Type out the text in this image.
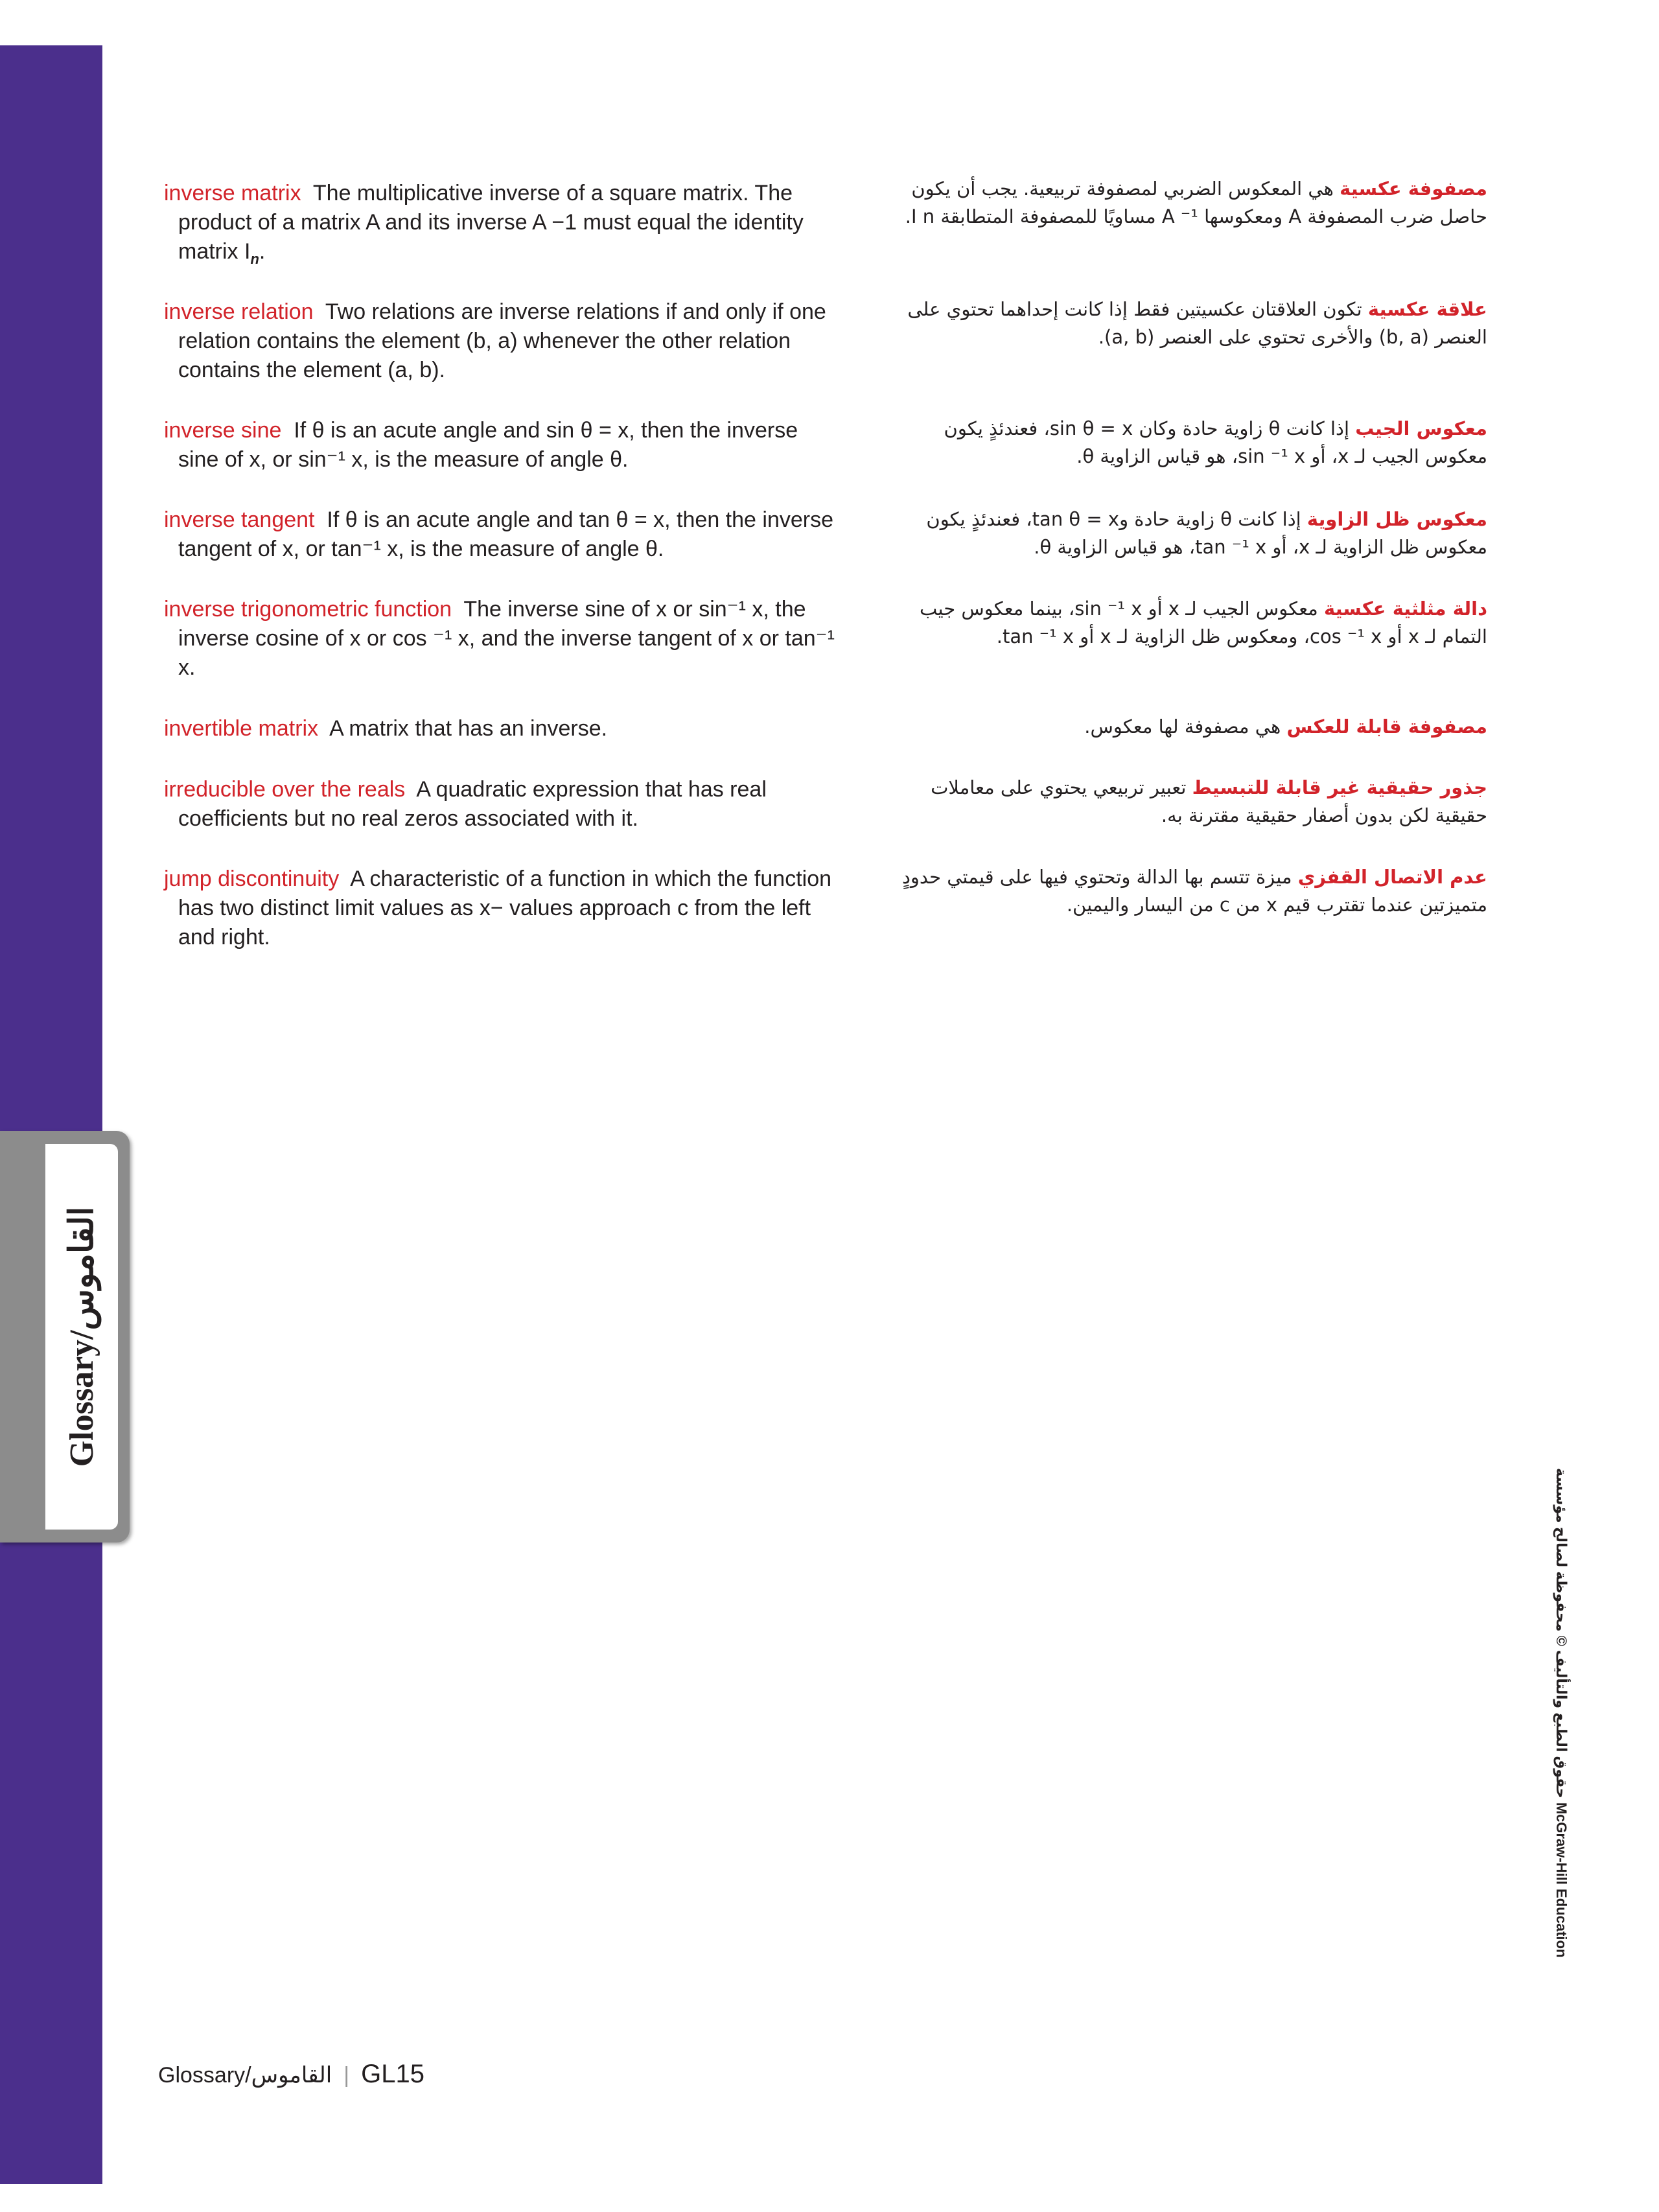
Glossary/القاموس
inverse matrix The multiplicative inverse of a square matrix. The product of a matrix A and its inverse A −1 must equal the identity matrix $I_n$.
inverse relation Two relations are inverse relations if and only if one relation contains the element (b, a) whenever the other relation contains the element (a, b).
inverse sine If θ is an acute angle and sin θ = x, then the inverse sine of x, or sin⁻¹ x, is the measure of angle θ.
inverse tangent If θ is an acute angle and tan θ = x, then the inverse tangent of x, or tan⁻¹ x, is the measure of angle θ.
inverse trigonometric function The inverse sine of x or sin⁻¹ x, the inverse cosine of x or cos ⁻¹ x, and the inverse tangent of x or tan⁻¹ x.
invertible matrix A matrix that has an inverse.
irreducible over the reals A quadratic expression that has real coefficients but no real zeros associated with it.
jump discontinuity A characteristic of a function in which the function has two distinct limit values as x− values approach c from the left and right.
مصفوفة عكسية هي المعكوس الضربي لمصفوفة تربيعية. يجب أن يكون حاصل ضرب المصفوفة A ومعكوسها A ⁻¹ مساويًا للمصفوفة المتطابقة I n.
علاقة عكسية تكون العلاقتان عكسيتين فقط إذا كانت إحداهما تحتوي على العنصر (b, a) والأخرى تحتوي على العنصر (a, b).
معكوس الجيب إذا كانت θ زاوية حادة وكان sin θ = x، فعندئذٍ يكون معكوس الجيب لـ x، أو sin ⁻¹ x، هو قياس الزاوية θ.
معكوس ظل الزاوية إذا كانت θ زاوية حادة وtan θ = x، فعندئذٍ يكون معكوس ظل الزاوية لـ x، أو tan ⁻¹ x، هو قياس الزاوية θ.
دالة مثلثية عكسية معكوس الجيب لـ x أو sin ⁻¹ x، بينما معكوس جيب التمام لـ x أو cos ⁻¹ x، ومعكوس ظل الزاوية لـ x أو tan ⁻¹ x.
مصفوفة قابلة للعكس هي مصفوفة لها معكوس.
جذور حقيقية غير قابلة للتبسيط تعبير تربيعي يحتوي على معاملات حقيقية لكن بدون أصفار حقيقية مقترنة به.
عدم الاتصال القفزي ميزة تتسم بها الدالة وتحتوي فيها على قيمتي حدودٍ متميزتين عندما تقترب قيم x من c من اليسار واليمين.
Glossary/القاموس | GL15
حقوق الطبع والتأليف © محفوظة لصالح مؤسسة McGraw-Hill Education
